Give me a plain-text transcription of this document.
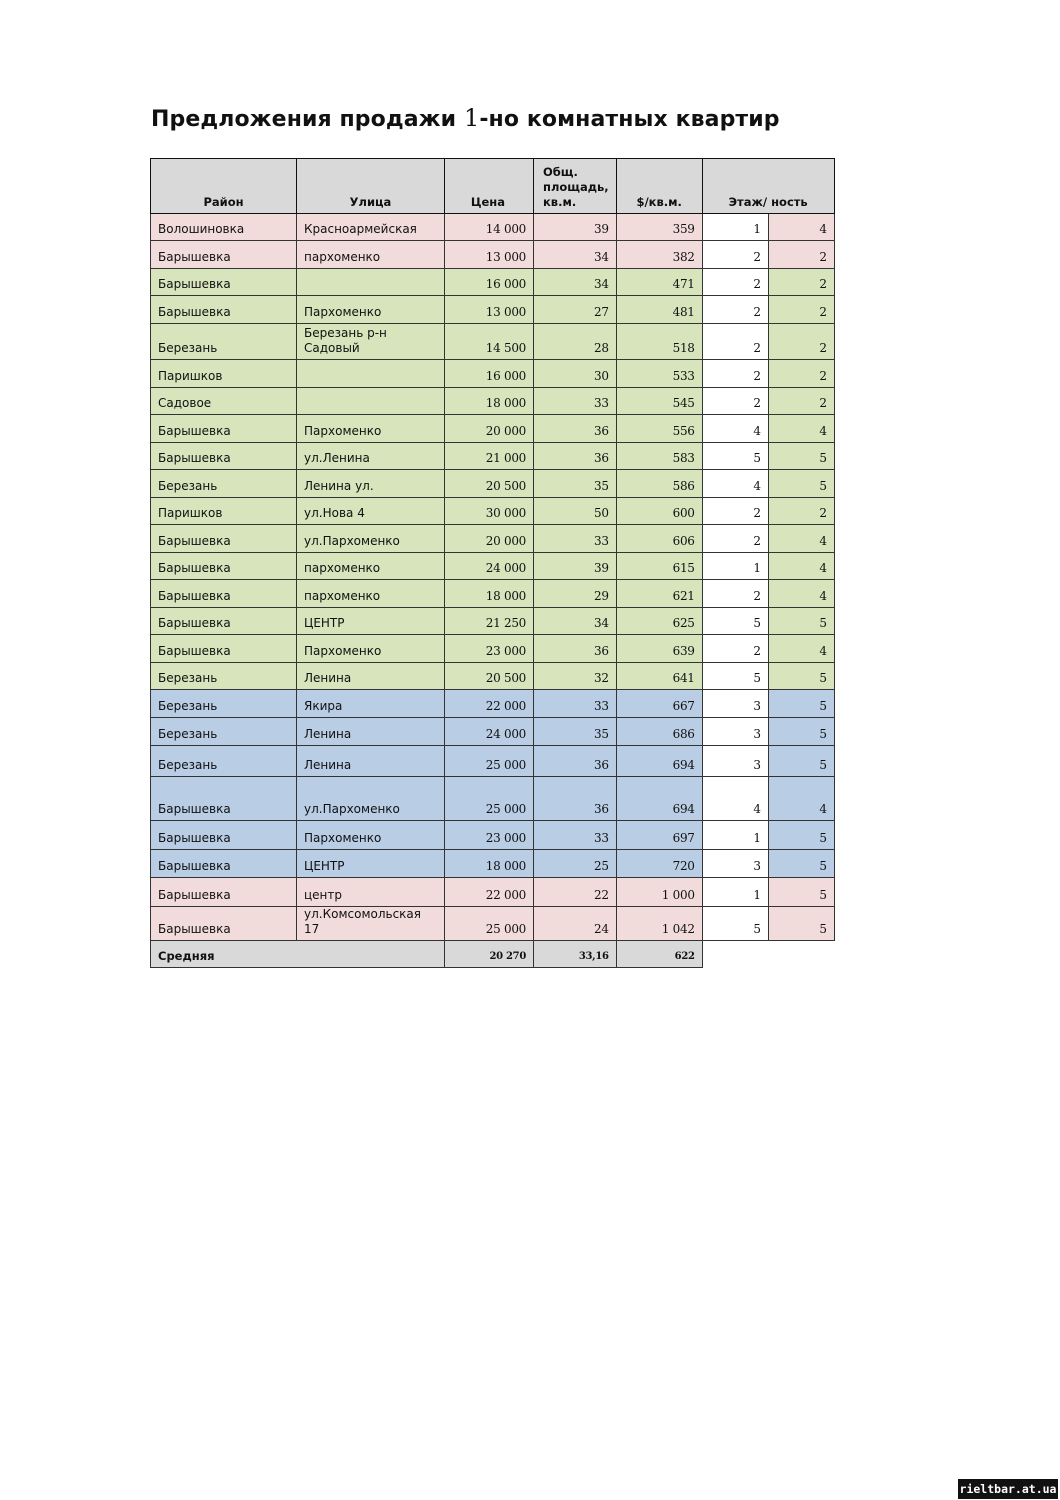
Предложения продажи 1-но комнатных квартир
Район	Улица	Цена	Общ. площадь, кв.м.	$/кв.м.	Этаж/ ность	
Волошиновка	Красноармейская	14 000	39	359	1	4
Барышевка	пархоменко	13 000	34	382	2	2
Барышевка		16 000	34	471	2	2
Барышевка	Пархоменко	13 000	27	481	2	2
Березань	Березань р-н Садовый	14 500	28	518	2	2
Паришков		16 000	30	533	2	2
Садовое		18 000	33	545	2	2
Барышевка	Пархоменко	20 000	36	556	4	4
Барышевка	ул.Ленина	21 000	36	583	5	5
Березань	Ленина ул.	20 500	35	586	4	5
Паришков	ул.Нова 4	30 000	50	600	2	2
Барышевка	ул.Пархоменко	20 000	33	606	2	4
Барышевка	пархоменко	24 000	39	615	1	4
Барышевка	пархоменко	18 000	29	621	2	4
Барышевка	ЦЕНТР	21 250	34	625	5	5
Барышевка	Пархоменко	23 000	36	639	2	4
Березань	Ленина	20 500	32	641	5	5
Березань	Якира	22 000	33	667	3	5
Березань	Ленина	24 000	35	686	3	5
Березань	Ленина	25 000	36	694	3	5
Барышевка	ул.Пархоменко	25 000	36	694	4	4
Барышевка	Пархоменко	23 000	33	697	1	5
Барышевка	ЦЕНТР	18 000	25	720	3	5
Барышевка	центр	22 000	22	1 000	1	5
Барышевка	ул.Комсомольская 17	25 000	24	1 042	5	5
Средняя		20 270	33,16	622		
rieltbar.at.ua
